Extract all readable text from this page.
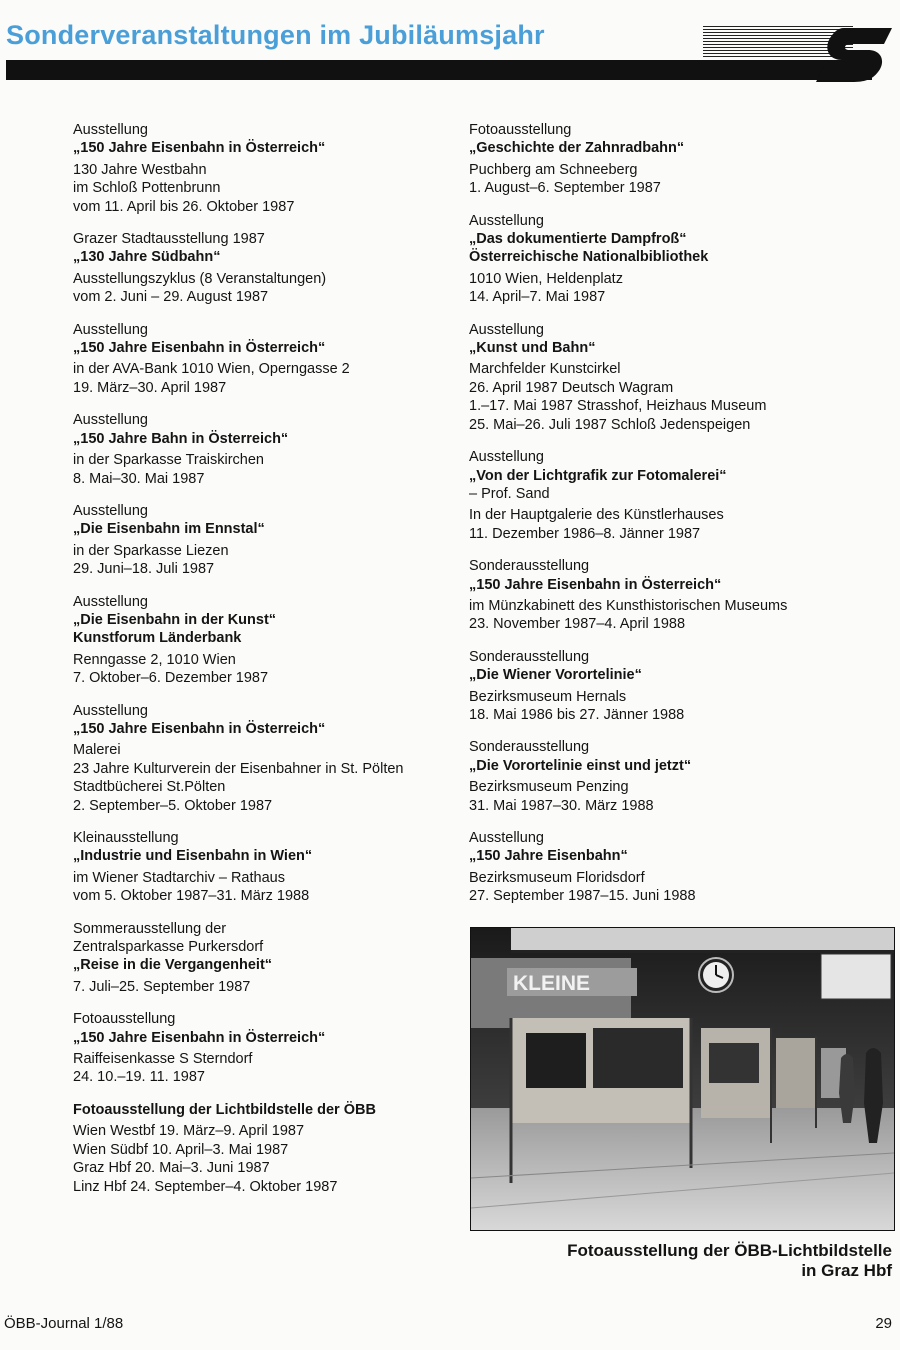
Sonderveranstaltungen im Jubiläumsjahr
Ausstellung
„150 Jahre Eisenbahn in Österreich“
130 Jahre Westbahn
im Schloß Pottenbrunn
vom 11. April bis 26. Oktober 1987
Grazer Stadtausstellung 1987
„130 Jahre Südbahn“
Ausstellungszyklus (8 Veranstaltungen)
vom 2. Juni – 29. August 1987
Ausstellung
„150 Jahre Eisenbahn in Österreich“
in der AVA-Bank 1010 Wien, Operngasse 2
19. März–30. April 1987
Ausstellung
„150 Jahre Bahn in Österreich“
in der Sparkasse Traiskirchen
8. Mai–30. Mai 1987
Ausstellung
„Die Eisenbahn im Ennstal“
in der Sparkasse Liezen
29. Juni–18. Juli 1987
Ausstellung
„Die Eisenbahn in der Kunst“
Kunstforum Länderbank
Renngasse 2, 1010 Wien
7. Oktober–6. Dezember 1987
Ausstellung
„150 Jahre Eisenbahn in Österreich“
Malerei
23 Jahre Kulturverein der Eisenbahner in St. Pölten
Stadtbücherei St.Pölten
2. September–5. Oktober 1987
Kleinausstellung
„Industrie und Eisenbahn in Wien“
im Wiener Stadtarchiv – Rathaus
vom 5. Oktober 1987–31. März 1988
Sommerausstellung der
Zentralsparkasse Purkersdorf
„Reise in die Vergangenheit“
7. Juli–25. September 1987
Fotoausstellung
„150 Jahre Eisenbahn in Österreich“
Raiffeisenkasse S Sterndorf
24. 10.–19. 11. 1987
Fotoausstellung der Lichtbildstelle der ÖBB
Wien Westbf 19. März–9. April 1987
Wien Südbf 10. April–3. Mai 1987
Graz Hbf 20. Mai–3. Juni 1987
Linz Hbf 24. September–4. Oktober 1987
Fotoausstellung
„Geschichte der Zahnradbahn“
Puchberg am Schneeberg
1. August–6. September 1987
Ausstellung
„Das dokumentierte Dampfroß“
Österreichische Nationalbibliothek
1010 Wien, Heldenplatz
14. April–7. Mai 1987
Ausstellung
„Kunst und Bahn“
Marchfelder Kunstcirkel
26. April 1987 Deutsch Wagram
1.–17. Mai 1987 Strasshof, Heizhaus Museum
25. Mai–26. Juli 1987 Schloß Jedenspeigen
Ausstellung
„Von der Lichtgrafik zur Fotomalerei“
– Prof. Sand
In der Hauptgalerie des Künstlerhauses
11. Dezember 1986–8. Jänner 1987
Sonderausstellung
„150 Jahre Eisenbahn in Österreich“
im Münzkabinett des Kunsthistorischen Museums
23. November 1987–4. April 1988
Sonderausstellung
„Die Wiener Vorortelinie“
Bezirksmuseum Hernals
18. Mai 1986 bis 27. Jänner 1988
Sonderausstellung
„Die Vorortelinie einst und jetzt“
Bezirksmuseum Penzing
31. Mai 1987–30. März 1988
Ausstellung
„150 Jahre Eisenbahn“
Bezirksmuseum Floridsdorf
27. September 1987–15. Juni 1988
KLEINE
Fotoausstellung der ÖBB-Lichtbildstelle
in Graz Hbf
ÖBB-Journal 1/88	29
